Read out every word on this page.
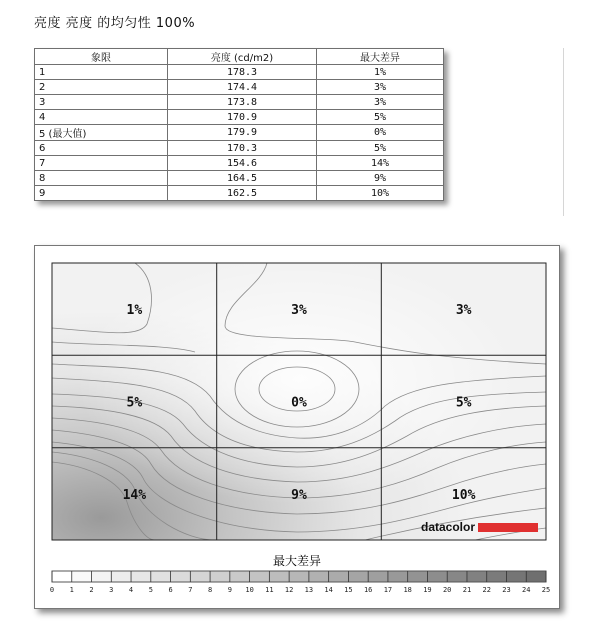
亮度 亮度 的均匀性 100%
象限	亮度 (cd/m2)	最大差异
1	178.3	1%
2	174.4	3%
3	173.8	3%
4	170.9	5%
5 (最大值)	179.9	0%
6	170.3	5%
7	154.6	14%
8	164.5	9%
9	162.5	10%
1%	3%	3%
5%	0%	5%
14%	9%	10%
datacolor
最大差异
0 1 2 3 4 5 6 7 8 9 10 11 12 13 14 15 16 17 18 19 20 21 22 23 24 25
